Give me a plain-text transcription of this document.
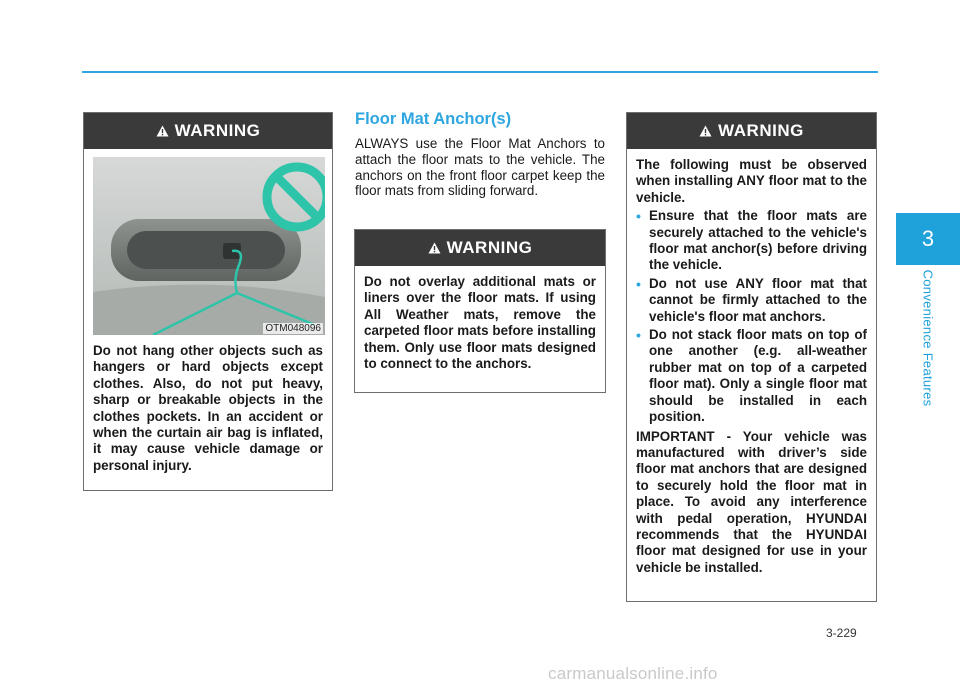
3
Convenience Features
WARNING
OTM048096

Do not hang other objects such as hangers or hard objects except clothes. Also, do not put heavy, sharp or breakable objects in the clothes pockets. In an accident or when the curtain air bag is inflated, it may cause vehicle damage or personal injury.

Floor Mat Anchor(s)
ALWAYS use the Floor Mat Anchors to attach the floor mats to the vehicle. The anchors on the front floor carpet keep the floor mats from sliding forward.
WARNING

Do not overlay additional mats or liners over the floor mats. If using All Weather mats, remove the carpeted floor mats before installing them. Only use floor mats designed to connect to the anchors.

WARNING

The following must be observed when installing ANY floor mat to the vehicle.

• Ensure that the floor mats are securely attached to the vehicle's floor mat anchor(s) before driving the vehicle.
• Do not use ANY floor mat that cannot be firmly attached to the vehicle's floor mat anchors.
• Do not stack floor mats on top of one another (e.g. all-weather rubber mat on top of a carpeted floor mat). Only a single floor mat should be installed in each position.

IMPORTANT - Your vehicle was manufactured with driver’s side floor mat anchors that are designed to securely hold the floor mat in place. To avoid any interference with pedal operation, HYUNDAI recommends that the HYUNDAI floor mat designed for use in your vehicle be installed.

3-229
carmanualsonline.info
